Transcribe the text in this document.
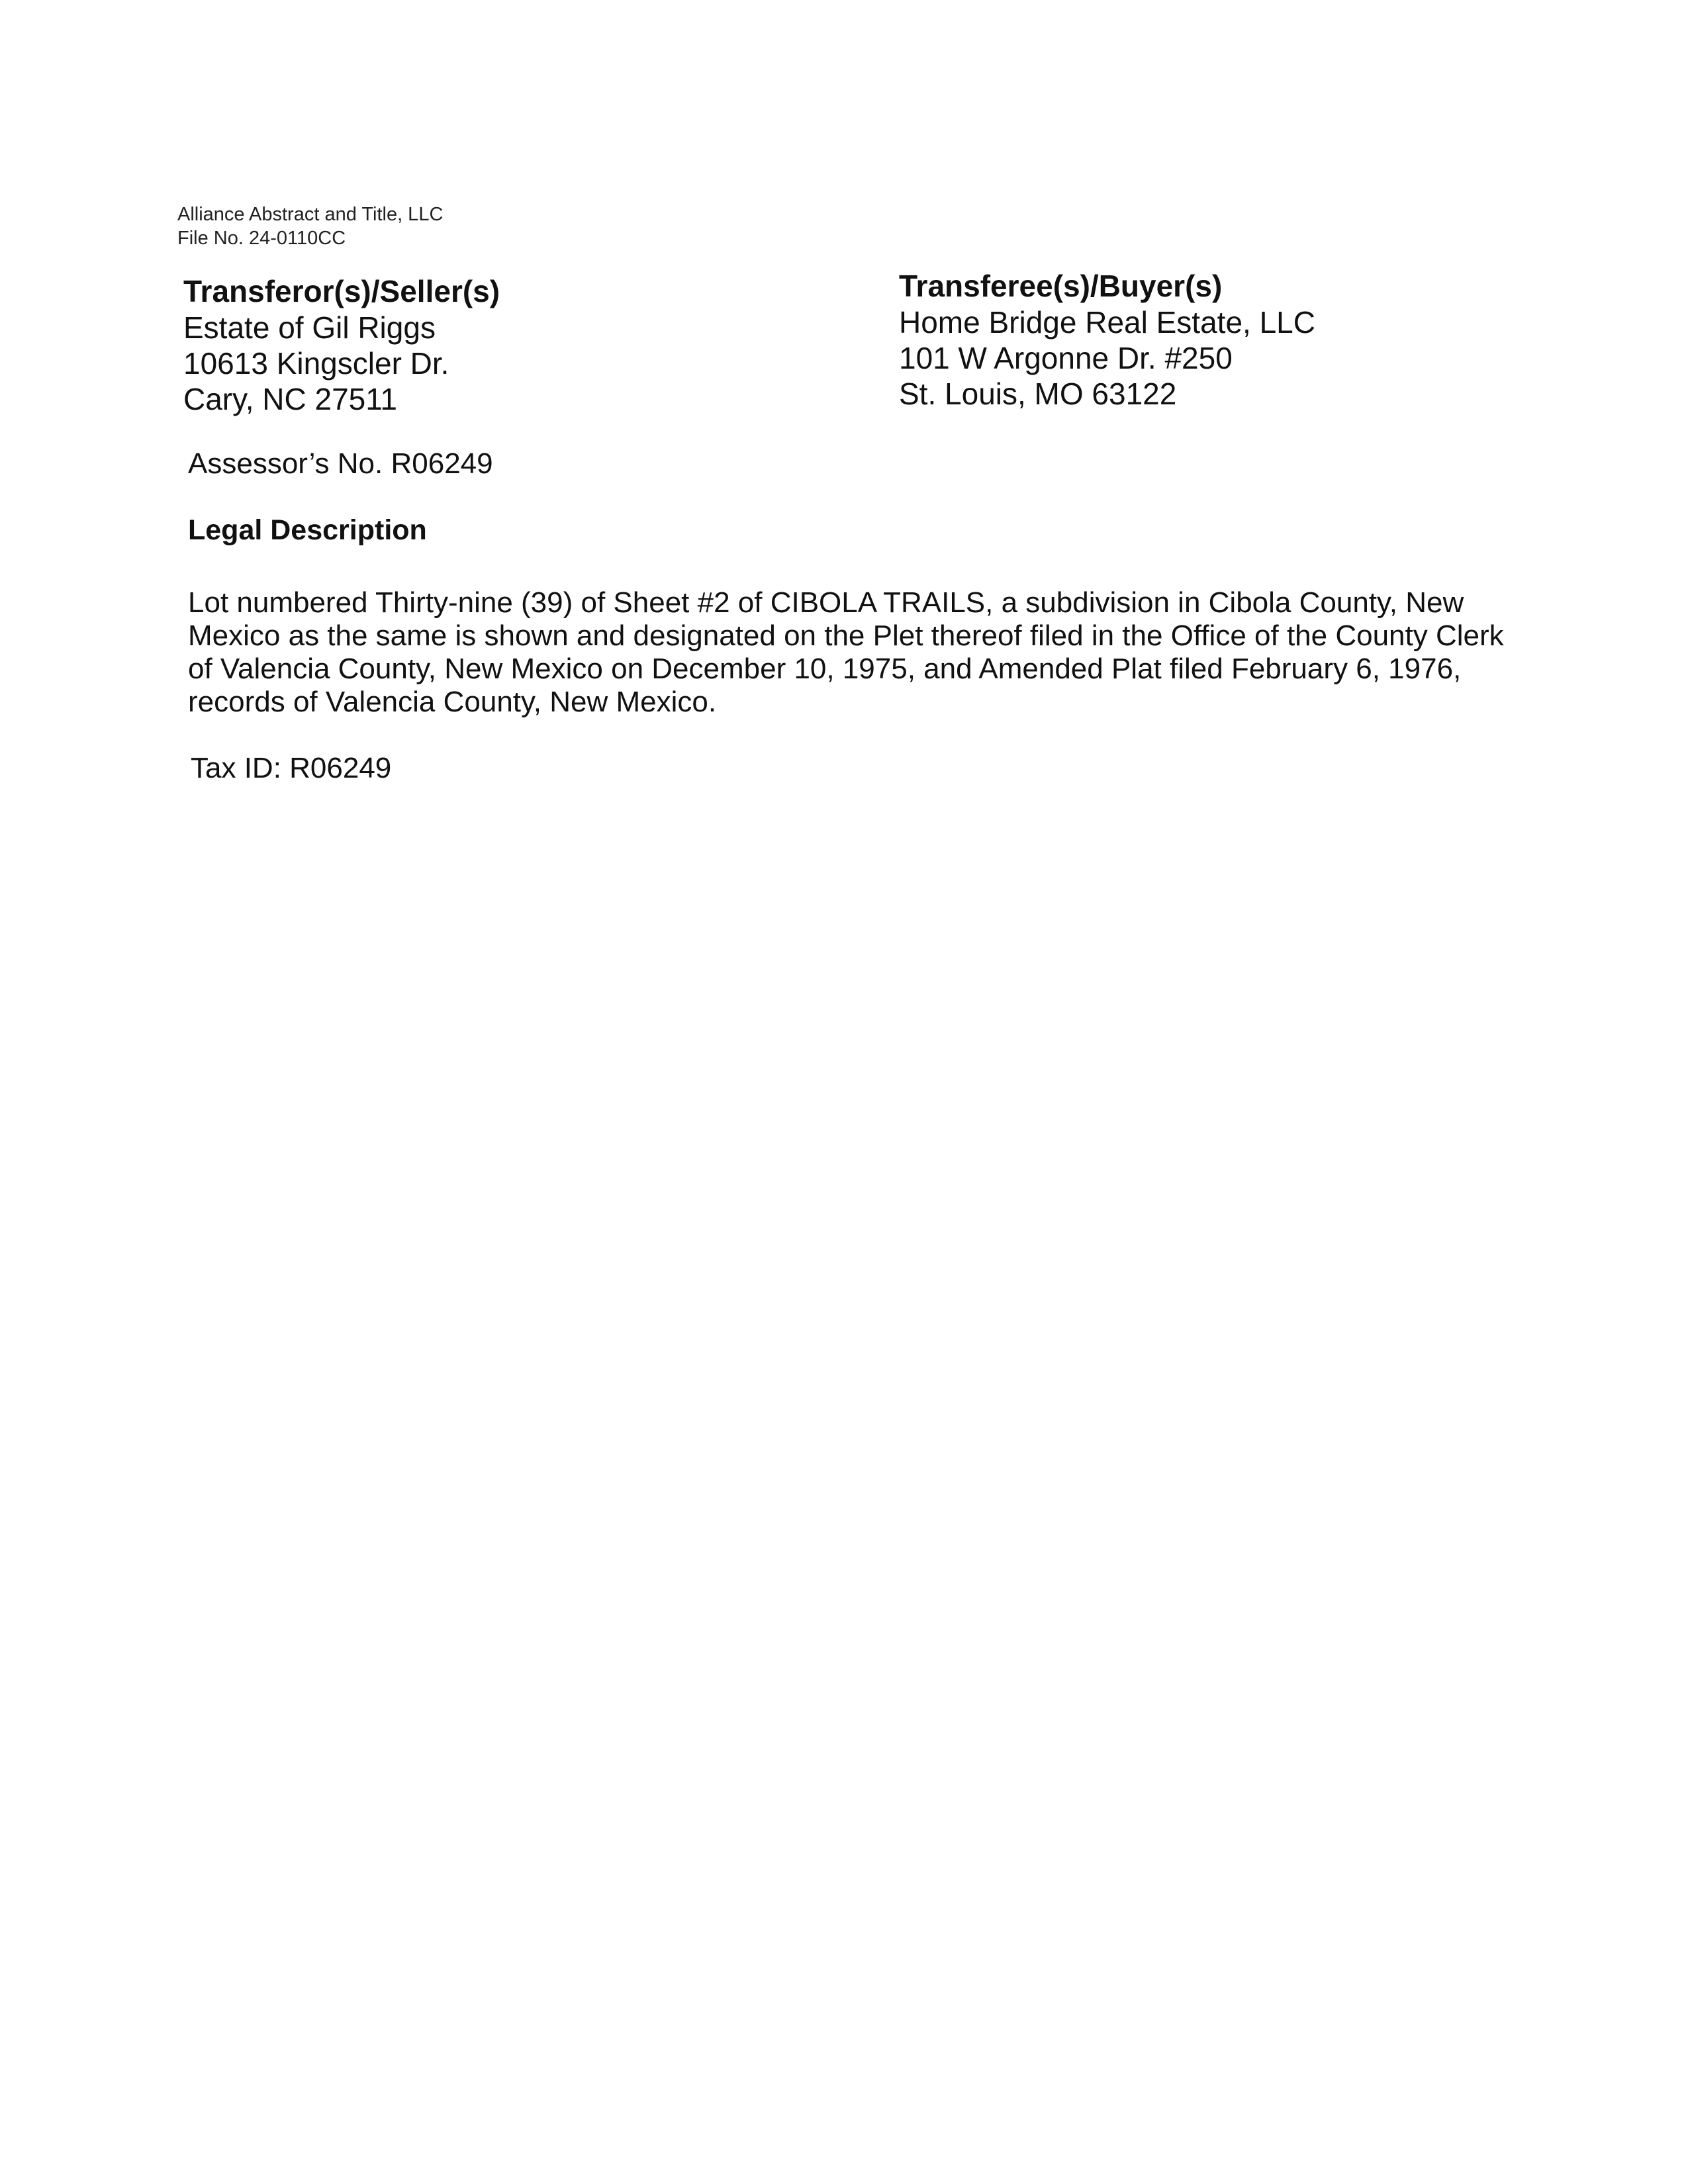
Alliance Abstract and Title, LLC
File No. 24-0110CC
Transferor(s)/Seller(s)
Estate of Gil Riggs
10613 Kingscler Dr.
Cary, NC 27511
Transferee(s)/Buyer(s)
Home Bridge Real Estate, LLC
101 W Argonne Dr. #250
St. Louis, MO 63122
Assessor’s No. R06249
Legal Description
Lot numbered Thirty-nine (39) of Sheet #2 of CIBOLA TRAILS, a subdivision in Cibola County, New Mexico as the same is shown and designated on the Plet thereof filed in the Office of the County Clerk of Valencia County, New Mexico on December 10, 1975, and Amended Plat filed February 6, 1976, records of Valencia County, New Mexico.
Tax ID: R06249
